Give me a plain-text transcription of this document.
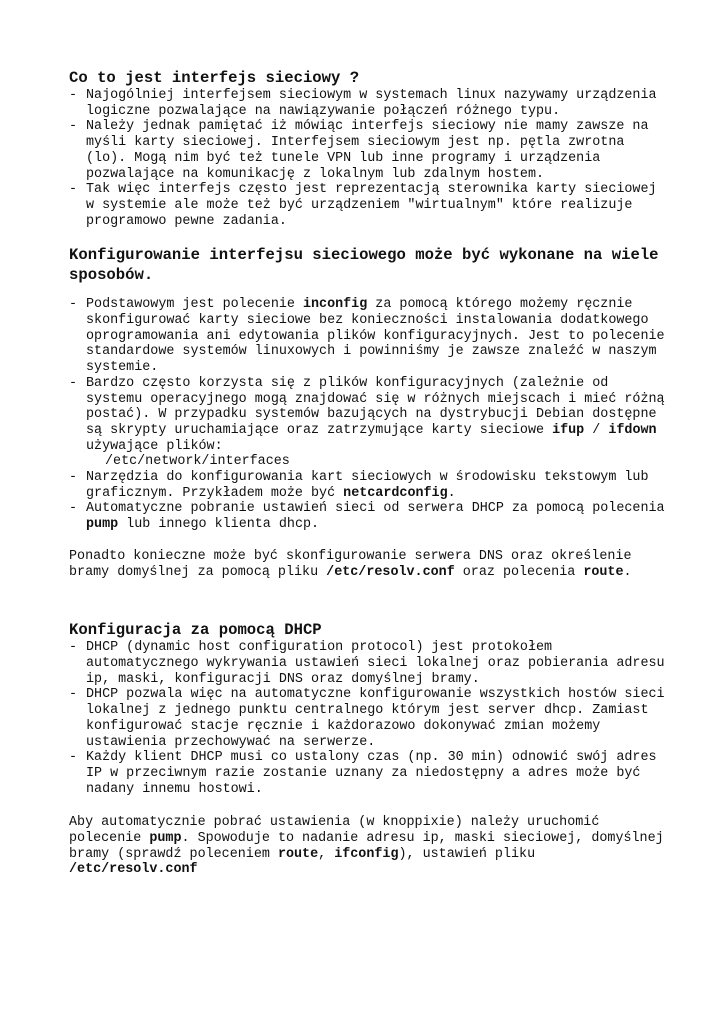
Co to jest interfejs sieciowy ?
- Najogólniej interfejsem sieciowym w systemach linux nazywamy urządzenia logiczne pozwalające na nawiązywanie połączeń różnego typu.
- Należy jednak pamiętać iż mówiąc interfejs sieciowy nie mamy zawsze na myśli karty sieciowej. Interfejsem sieciowym jest np. pętla zwrotna (lo). Mogą nim być też tunele VPN lub inne programy i urządzenia pozwalające na komunikację z lokalnym lub zdalnym hostem.
- Tak więc interfejs często jest reprezentacją sterownika karty sieciowej w systemie ale może też być urządzeniem "wirtualnym" które realizuje programowo pewne zadania.
Konfigurowanie interfejsu sieciowego może być wykonane na wiele sposobów.
- Podstawowym jest polecenie inconfig za pomocą którego możemy ręcznie skonfigurować karty sieciowe bez konieczności instalowania dodatkowego oprogramowania ani edytowania plików konfiguracyjnych. Jest to polecenie standardowe systemów linuxowych i powinniśmy je zawsze znaleźć w naszym systemie.
- Bardzo często korzysta się z plików konfiguracyjnych (zależnie od systemu operacyjnego mogą znajdować się w różnych miejscach i mieć różną postać). W przypadku systemów bazujących na dystrybucji Debian dostępne są skrypty uruchamiające oraz zatrzymujące karty sieciowe ifup / ifdown używające plików:
/etc/network/interfaces
- Narzędzia do konfigurowania kart sieciowych w środowisku tekstowym lub graficznym. Przykładem może być netcardconfig.
- Automatyczne pobranie ustawień sieci od serwera DHCP za pomocą polecenia pump lub innego klienta dhcp.

Ponadto konieczne może być skonfigurowanie serwera DNS oraz określenie bramy domyślnej za pomocą pliku /etc/resolv.conf oraz polecenia route.

Konfiguracja za pomocą DHCP
- DHCP (dynamic host configuration protocol) jest protokołem automatycznego wykrywania ustawień sieci lokalnej oraz pobierania adresu ip, maski, konfiguracji DNS oraz domyślnej bramy.
- DHCP pozwala więc na automatyczne konfigurowanie wszystkich hostów sieci lokalnej z jednego punktu centralnego którym jest server dhcp. Zamiast konfigurować stacje ręcznie i każdorazowo dokonywać zmian możemy ustawienia przechowywać na serwerze.
- Każdy klient DHCP musi co ustalony czas (np. 30 min) odnowić swój adres IP w przeciwnym razie zostanie uznany za niedostępny a adres może być nadany innemu hostowi.

Aby automatycznie pobrać ustawienia (w knoppixie) należy uruchomić polecenie pump. Spowoduje to nadanie adresu ip, maski sieciowej, domyślnej bramy (sprawdź poleceniem route, ifconfig), ustawień pliku /etc/resolv.conf
